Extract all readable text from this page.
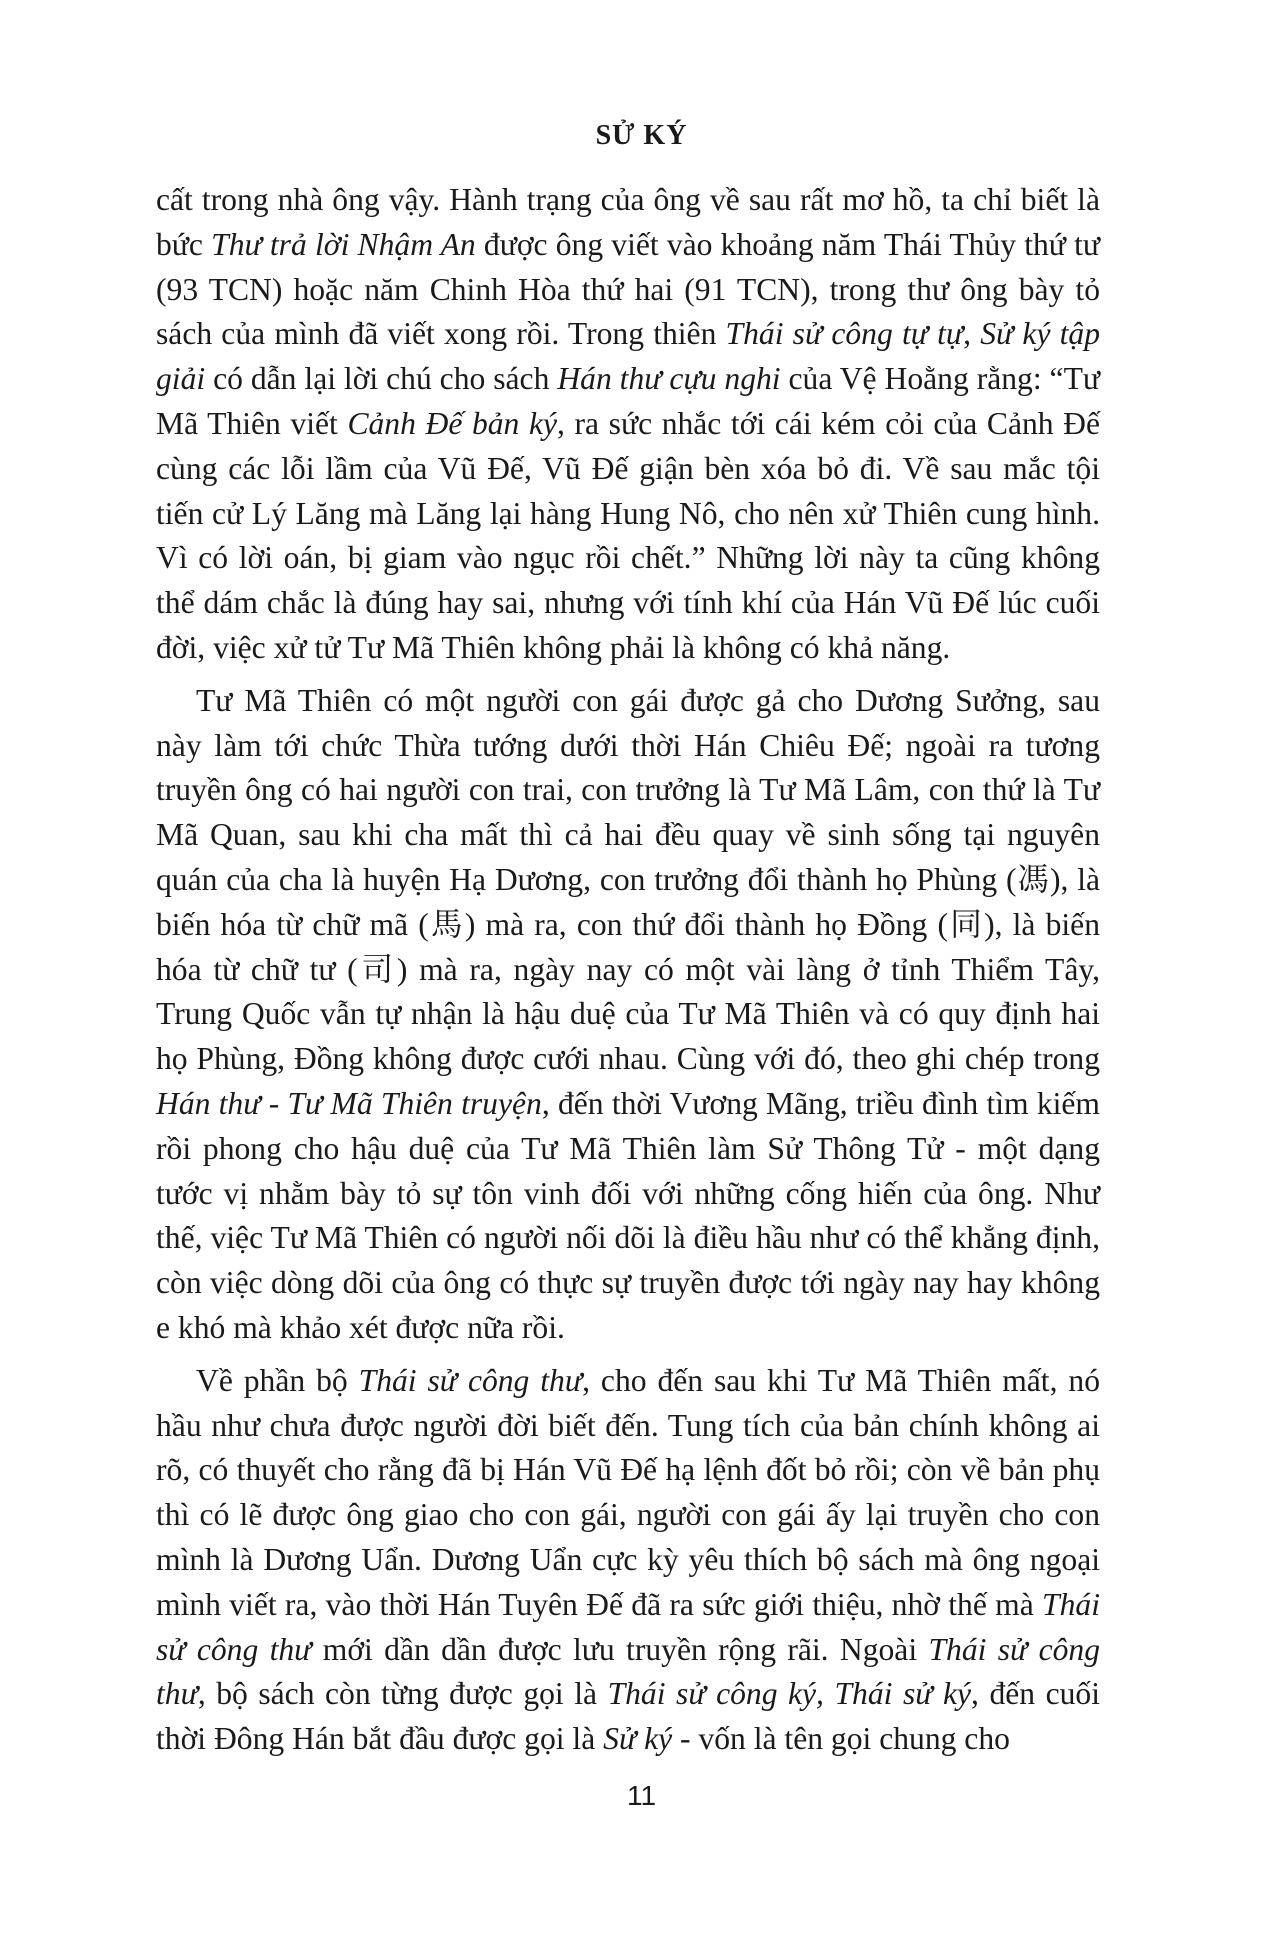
SỬ KÝ

cất trong nhà ông vậy. Hành trạng của ông về sau rất mơ hồ, ta chỉ biết là bức Thư trả lời Nhậm An được ông viết vào khoảng năm Thái Thủy thứ tư (93 TCN) hoặc năm Chinh Hòa thứ hai (91 TCN), trong thư ông bày tỏ sách của mình đã viết xong rồi. Trong thiên Thái sử công tự tự, Sử ký tập giải có dẫn lại lời chú cho sách Hán thư cựu nghi của Vệ Hoằng rằng: “Tư Mã Thiên viết Cảnh Đế bản ký, ra sức nhắc tới cái kém cỏi của Cảnh Đế cùng các lỗi lầm của Vũ Đế, Vũ Đế giận bèn xóa bỏ đi. Về sau mắc tội tiến cử Lý Lăng mà Lăng lại hàng Hung Nô, cho nên xử Thiên cung hình. Vì có lời oán, bị giam vào ngục rồi chết.” Những lời này ta cũng không thể dám chắc là đúng hay sai, nhưng với tính khí của Hán Vũ Đế lúc cuối đời, việc xử tử Tư Mã Thiên không phải là không có khả năng.

Tư Mã Thiên có một người con gái được gả cho Dương Sưởng, sau này làm tới chức Thừa tướng dưới thời Hán Chiêu Đế; ngoài ra tương truyền ông có hai người con trai, con trưởng là Tư Mã Lâm, con thứ là Tư Mã Quan, sau khi cha mất thì cả hai đều quay về sinh sống tại nguyên quán của cha là huyện Hạ Dương, con trưởng đổi thành họ Phùng (馮), là biến hóa từ chữ mã (馬) mà ra, con thứ đổi thành họ Đồng (同), là biến hóa từ chữ tư (司) mà ra, ngày nay có một vài làng ở tỉnh Thiểm Tây, Trung Quốc vẫn tự nhận là hậu duệ của Tư Mã Thiên và có quy định hai họ Phùng, Đồng không được cưới nhau. Cùng với đó, theo ghi chép trong Hán thư - Tư Mã Thiên truyện, đến thời Vương Mãng, triều đình tìm kiếm rồi phong cho hậu duệ của Tư Mã Thiên làm Sử Thông Tử - một dạng tước vị nhằm bày tỏ sự tôn vinh đối với những cống hiến của ông. Như thế, việc Tư Mã Thiên có người nối dõi là điều hầu như có thể khẳng định, còn việc dòng dõi của ông có thực sự truyền được tới ngày nay hay không e khó mà khảo xét được nữa rồi.

Về phần bộ Thái sử công thư, cho đến sau khi Tư Mã Thiên mất, nó hầu như chưa được người đời biết đến. Tung tích của bản chính không ai rõ, có thuyết cho rằng đã bị Hán Vũ Đế hạ lệnh đốt bỏ rồi; còn về bản phụ thì có lẽ được ông giao cho con gái, người con gái ấy lại truyền cho con mình là Dương Uẩn. Dương Uẩn cực kỳ yêu thích bộ sách mà ông ngoại mình viết ra, vào thời Hán Tuyên Đế đã ra sức giới thiệu, nhờ thế mà Thái sử công thư mới dần dần được lưu truyền rộng rãi. Ngoài Thái sử công thư, bộ sách còn từng được gọi là Thái sử công ký, Thái sử ký, đến cuối thời Đông Hán bắt đầu được gọi là Sử ký - vốn là tên gọi chung cho

11
